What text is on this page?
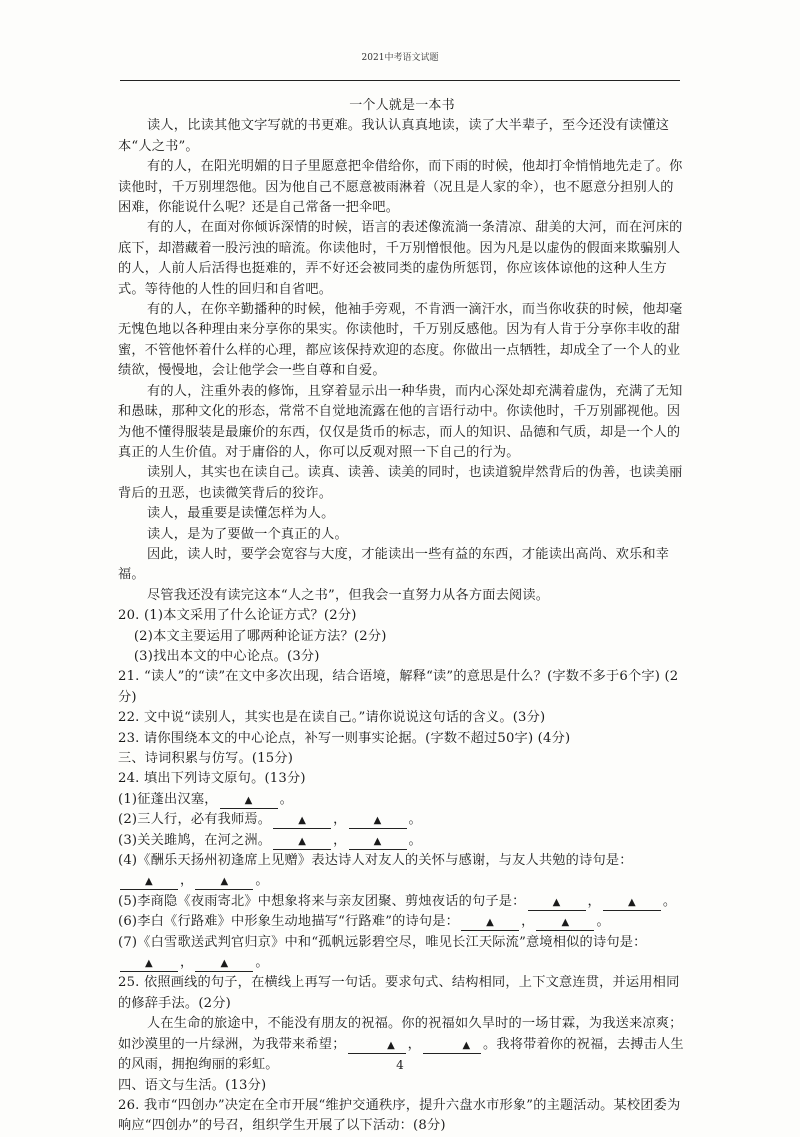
2021中考语文试题

一个人就是一本书

读人，比读其他文字写就的书更难。我认认真真地读，读了大半辈子，至今还没有读懂这本“人之书”。

有的人，在阳光明媚的日子里愿意把伞借给你，而下雨的时候，他却打伞悄悄地先走了。你读他时，千万别埋怨他。因为他自己不愿意被雨淋着（况且是人家的伞），也不愿意分担别人的困难，你能说什么呢？还是自己常备一把伞吧。

有的人，在面对你倾诉深情的时候，语言的表述像流淌一条清凉、甜美的大河，而在河床的底下，却潜藏着一股污浊的暗流。你读他时，千万别憎恨他。因为凡是以虚伪的假面来欺骗别人的人，人前人后活得也挺难的，弄不好还会被同类的虚伪所惩罚，你应该体谅他的这种人生方式。等待他的人性的回归和自省吧。

有的人，在你辛勤播种的时候，他袖手旁观，不肯洒一滴汗水，而当你收获的时候，他却毫无愧色地以各种理由来分享你的果实。你读他时，千万别反感他。因为有人肯于分享你丰收的甜蜜，不管他怀着什么样的心理，都应该保持欢迎的态度。你做出一点牺牲，却成全了一个人的业绩欲，慢慢地，会让他学会一些自尊和自爱。

有的人，注重外表的修饰，且穿着显示出一种华贵，而内心深处却充满着虚伪，充满了无知和愚昧，那种文化的形态，常常不自觉地流露在他的言语行动中。你读他时，千万别鄙视他。因为他不懂得服装是最廉价的东西，仅仅是货币的标志，而人的知识、品德和气质，却是一个人的真正的人生价值。对于庸俗的人，你可以反观对照一下自己的行为。

读别人，其实也在读自己。读真、读善、读美的同时，也读道貌岸然背后的伪善，也读美丽背后的丑恶，也读微笑背后的狡诈。

读人，最重要是读懂怎样为人。

读人，是为了要做一个真正的人。

因此，读人时，要学会宽容与大度，才能读出一些有益的东西，才能读出高尚、欢乐和幸福。

尽管我还没有读完这本“人之书”，但我会一直努力从各方面去阅读。

20. (1)本文采用了什么论证方式？(2分)

(2)本文主要运用了哪两种论证方法？(2分)

(3)找出本文的中心论点。(3分)

21. “读人”的“读”在文中多次出现，结合语境，解释“读”的意思是什么？(字数不多于6个字) (2分)

22. 文中说“读别人，其实也是在读自己。”请你说说这句话的含义。(3分)

23. 请你围绕本文的中心论点，补写一则事实论据。(字数不超过50字) (4分)

三、诗词积累与仿写。(15分)

24. 填出下列诗文原句。(13分)

(1)征蓬出汉塞，	▲ 。

(2)三人行，必有我师焉。	▲ ，	▲ 。

(3)关关雎鸠，在河之洲。	▲ ，	▲ 。

(4)《酬乐天扬州初逢席上见赠》表达诗人对友人的关怀与感谢，与友人共勉的诗句是：▲ ，	▲ 。

(5)李商隐《夜雨寄北》中想象将来与亲友团聚、剪烛夜话的句子是：	▲ ，	▲ 。

(6)李白《行路难》中形象生动地描写“行路难”的诗句是：	▲ ，	▲ 。

(7)《白雪歌送武判官归京》中和“孤帆远影碧空尽，唯见长江天际流”意境相似的诗句是：▲ ，	▲ 。

25. 依照画线的句子，在横线上再写一句话。要求句式、结构相同，上下文意连贯，并运用相同的修辞手法。(2分)

人在生命的旅途中，不能没有朋友的祝福。你的祝福如久旱时的一场甘霖，为我送来凉爽；如沙漠里的一片绿洲，为我带来希望；	▲ ，	▲ 。我将带着你的祝福，去搏击人生的风雨，拥抱绚丽的彩虹。

四、语文与生活。(13分)

26. 我市“四创办”决定在全市开展“维护交通秩序，提升六盘水市形象”的主题活动。某校团委为响应“四创办”的号召，组织学生开展了以下活动：(8分)

4
